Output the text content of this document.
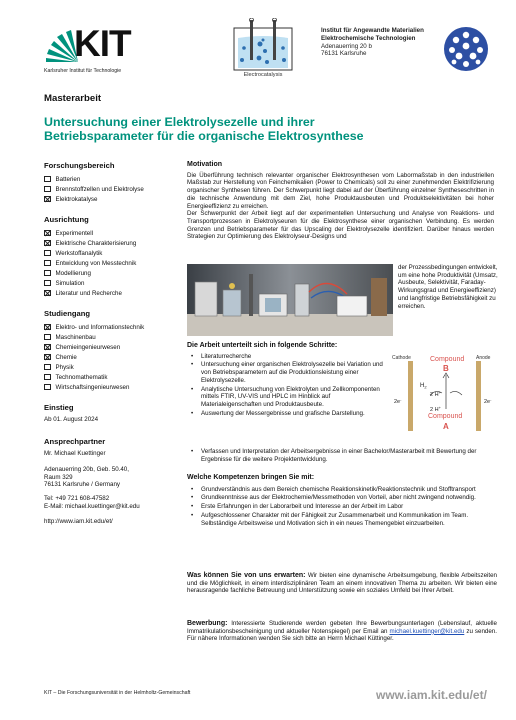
KIT
Karlsruher Institut für Technologie
Electrocatalysis
Institut für Angewandte Materialien
Elektrochemische Technologien
Adenauerring 20 b
76131 Karlsruhe
Masterarbeit
Untersuchung einer Elektrolysezelle und ihrer
Betriebsparameter für die organische Elektrosynthese
Forschungsbereich
Batterien
Brennstoffzellen und Elektrolyse
Elektrokatalyse
Ausrichtung
Experimentell
Elektrische Charakterisierung
Werkstoffanalytik
Entwicklung von Messtechnik
Modellierung
Simulation
Literatur und Recherche
Studiengang
Elektro- und Informationstechnik
Maschinenbau
Chemieingenieurwesen
Chemie
Physik
Technomathematik
Wirtschaftsingenieurwesen
Einstieg
Ab 01. August 2024
Ansprechpartner
Mr. Michael Kuettinger
Adenauerring 20b, Geb. 50.40,
Raum 329
76131 Karlsruhe / Germany
Tel: +49 721 608-47582
E-Mail: michael.kuettinger@kit.edu
http://www.iam.kit.edu/et/
Motivation
Die Überführung technisch relevanter organischer Elektrosynthesen vom Labormaßstab in den industriellen Maßstab zur Herstellung von Feinchemikalien (Power to Chemicals) soll zu einer zunehmenden Elektrifizierung organischer Synthesen führen. Der Schwerpunkt liegt dabei auf der Überführung einzelner Syntheseschritten in die technische Anwendung mit dem Ziel, hohe Produktausbeuten und Produktselektivitäten bei hoher Energieeffizienz zu erreichen.
Der Schwerpunkt der Arbeit liegt auf der experimentellen Untersuchung und Analyse von Reaktions- und Transportprozessen in Elektrolyseuren für die Elektrosynthese einer organischen Verbindung. Es werden Grenzen und Betriebsparameter für das Upscaling der Elektrolysezelle identifiziert. Darüber hinaus werden Strategien zur Optimierung des Elektrolyseur-Designs und
der Prozessbedingungen entwickelt, um eine hohe Produktivität (Umsatz, Ausbeute, Selektivität, Faraday-Wirkungsgrad und Energieeffizienz) und langfristige Betriebsfähigkeit zu erreichen.
Die Arbeit unterteilt sich in folgende Schritte:
• Literaturrecherche
• Untersuchung einer organischen Elektrolysezelle bei Variation und von Betriebsparametern auf die Produktionsleistung einer Elektrolysezelle.
• Analytische Untersuchung von Elektrolyten und Zellkomponenten mittels FTIR, UV-VIS und HPLC im Hinblick auf Materialeigenschaften und Produktausbeute.
• Auswertung der Messergebnisse und grafische Darstellung.
• Verfassen und Interpretation der Arbeitsergebnisse in einer Bachelor/Masterarbeit mit Bewertung der Ergebnisse für die weitere Projektentwicklung.
Cathode	Anode
Compound
B
Compound
A
$H_2$
2 H+
2 H+
2e-	2e-
Welche Kompetenzen bringen Sie mit:
• Grundverständnis aus dem Bereich chemische Reaktionskinetik/Reaktionstechnik und Stofftransport
• Grundkenntnisse aus der Elektrochemie/Messmethoden von Vorteil, aber nicht zwingend notwendig.
• Erste Erfahrungen in der Laborarbeit und Interesse an der Arbeit im Labor
• Aufgeschlossener Charakter mit der Fähigkeit zur Zusammenarbeit und Kommunikation im Team. Selbständige Arbeitsweise und Motivation sich in ein neues Themengebiet einzuarbeiten.
Was können Sie von uns erwarten: Wir bieten eine dynamische Arbeitsumgebung, flexible Arbeitszeiten und die Möglichkeit, in einem interdisziplinären Team an einem innovativen Thema zu arbeiten. Wir bieten eine herausragende fachliche Betreuung und Unterstützung sowie ein soziales Umfeld bei Ihrer Arbeit.
Bewerbung: Interessierte Studierende werden gebeten Ihre Bewerbungsunterlagen (Lebenslauf, aktuelle Immatrikulationsbescheinigung und aktueller Notenspiegel) per Email an michael.kuettinger@kit.edu zu senden. Für nähere Informationen wenden Sie sich bitte an Herrn Michael Küttinger.
KIT – Die Forschungsuniversität in der Helmholtz-Gemeinschaft	www.iam.kit.edu/et/
